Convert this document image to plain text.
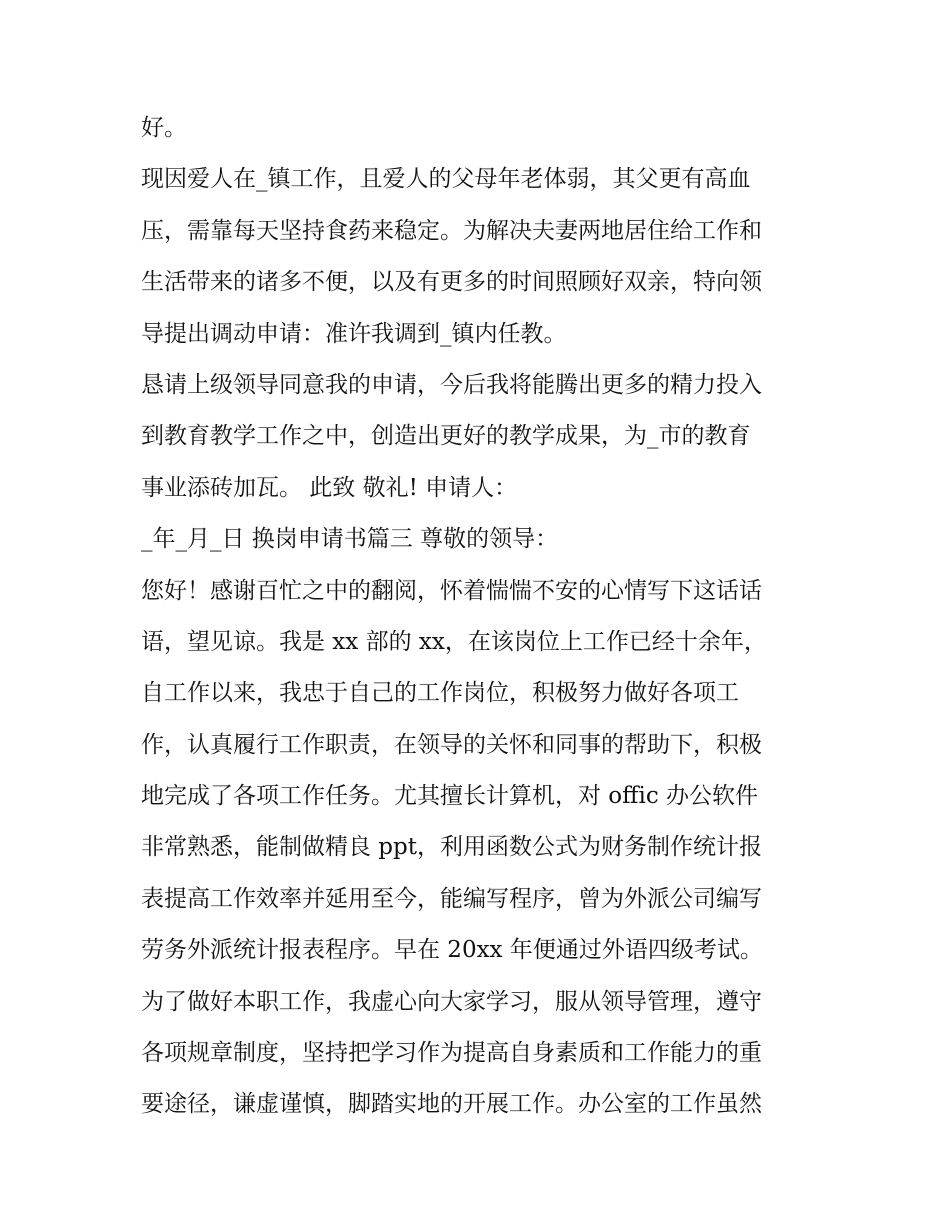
好。
现因爱人在_镇工作，且爱人的父母年老体弱，其父更有高血
压，需靠每天坚持食药来稳定。为解决夫妻两地居住给工作和
生活带来的诸多不便，以及有更多的时间照顾好双亲，特向领
导提出调动申请：准许我调到_镇内任教。
恳请上级领导同意我的申请，今后我将能腾出更多的精力投入
到教育教学工作之中，创造出更好的教学成果，为_市的教育
事业添砖加瓦。 此致 敬礼! 申请人：
_年_月_日 换岗申请书篇三 尊敬的领导：
您好！感谢百忙之中的翻阅，怀着惴惴不安的心情写下这话话
语，望见谅。我是 xx 部的 xx，在该岗位上工作已经十余年，
自工作以来，我忠于自己的工作岗位，积极努力做好各项工
作，认真履行工作职责，在领导的关怀和同事的帮助下，积极
地完成了各项工作任务。尤其擅长计算机，对 offic 办公软件
非常熟悉，能制做精良 ppt，利用函数公式为财务制作统计报
表提高工作效率并延用至今，能编写程序，曾为外派公司编写
劳务外派统计报表程序。早在 20xx 年便通过外语四级考试。
为了做好本职工作，我虚心向大家学习，服从领导管理，遵守
各项规章制度，坚持把学习作为提高自身素质和工作能力的重
要途径，谦虚谨慎，脚踏实地的开展工作。办公室的工作虽然
